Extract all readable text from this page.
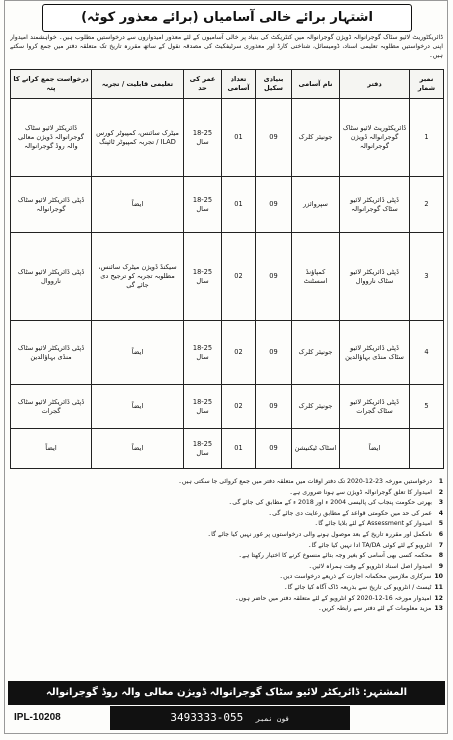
اشتہار برائے خالی آسامیاں (برائے معذور کوٹہ)
ڈائریکٹوریٹ لائیو سٹاک گوجرانوالہ ڈویژن گوجرانوالہ میں کنٹریکٹ کی بنیاد پر خالی آسامیوں کے لئے معذور امیدواروں سے درخواستیں مطلوب ہیں۔ خواہشمند امیدوار اپنی درخواستیں مطلوبہ تعلیمی اسناد، ڈومیسائل، شناختی کارڈ اور معذوری سرٹیفکیٹ کی مصدقہ نقول کے ساتھ مقررہ تاریخ تک متعلقہ دفتر میں جمع کروا سکتے ہیں۔
نمبر شمار	دفتر	نام آسامی	بنیادی سکیل	تعداد آسامی	عمر کی حد	تعلیمی قابلیت / تجربہ	درخواست جمع کرانے کا پتہ
1	ڈائریکٹوریٹ لائیو سٹاک گوجرانوالہ ڈویژن گوجرانوالہ	جونیئر کلرک	09	01	18-25 سال	میٹرک سائنس، کمپیوٹر کورس ILAD / تجربہ کمپیوٹر ٹائپنگ	ڈائریکٹر لائیو سٹاک گوجرانوالہ ڈویژن معالی والہ روڈ گوجرانوالہ
2	ڈپٹی ڈائریکٹر لائیو سٹاک گوجرانوالہ	سپروائزر	09	01	18-25 سال	ایضاً	ڈپٹی ڈائریکٹر لائیو سٹاک گوجرانوالہ
3	ڈپٹی ڈائریکٹر لائیو سٹاک نارووال	کمپاؤنڈ اسسٹنٹ	09	02	18-25 سال	سیکنڈ ڈویژن میٹرک سائنس، مطلوبہ تجربہ کو ترجیح دی جائے گی	ڈپٹی ڈائریکٹر لائیو سٹاک نارووال
4	ڈپٹی ڈائریکٹر لائیو سٹاک منڈی بہاؤالدین	جونیئر کلرک	09	02	18-25 سال	ایضاً	ڈپٹی ڈائریکٹر لائیو سٹاک منڈی بہاؤالدین
5	ڈپٹی ڈائریکٹر لائیو سٹاک گجرات	جونیئر کلرک	09	02	18-25 سال	ایضاً	ڈپٹی ڈائریکٹر لائیو سٹاک گجرات
	ایضاً	اسٹاک ٹیکنیشن	09	01	18-25 سال	ایضاً	ایضاً
1
درخواستیں مورخہ 23-12-2020 تک دفتر اوقات میں متعلقہ دفتر میں جمع کروائی جا سکتی ہیں۔
2
امیدوار کا تعلق گوجرانوالہ ڈویژن سے ہونا ضروری ہے۔
3
بھرتی حکومت پنجاب کی پالیسی 2004 ء اور 2018 ء کے مطابق کی جائے گی۔
4
عمر کی حد میں حکومتی قواعد کے مطابق رعایت دی جائے گی۔
5
امیدوار کو Assessment کے لئے بلایا جائے گا۔
6
نامکمل اور مقررہ تاریخ کے بعد موصول ہونے والی درخواستوں پر غور نہیں کیا جائے گا۔
7
انٹرویو کے لئے کوئی TA/DA ادا نہیں کیا جائے گا۔
8
محکمہ کسی بھی آسامی کو بغیر وجہ بتائے منسوخ کرنے کا اختیار رکھتا ہے۔
9
امیدوار اصل اسناد انٹرویو کے وقت ہمراہ لائیں۔
10
سرکاری ملازمین محکمانہ اجازت کے ذریعے درخواست دیں۔
11
ٹیسٹ / انٹرویو کی تاریخ سے بذریعہ ڈاک آگاہ کیا جائے گا۔
12
امیدوار مورخہ 16-12-2020 کو انٹرویو کے لئے متعلقہ دفتر میں حاضر ہوں۔
13
مزید معلومات کے لئے دفتر سے رابطہ کریں۔
المشتہر: ڈائریکٹر لائیو سٹاک گوجرانوالہ ڈویژن معالی والہ روڈ گوجرانوالہ
فون نمبر 055-3493333
IPL-10208
